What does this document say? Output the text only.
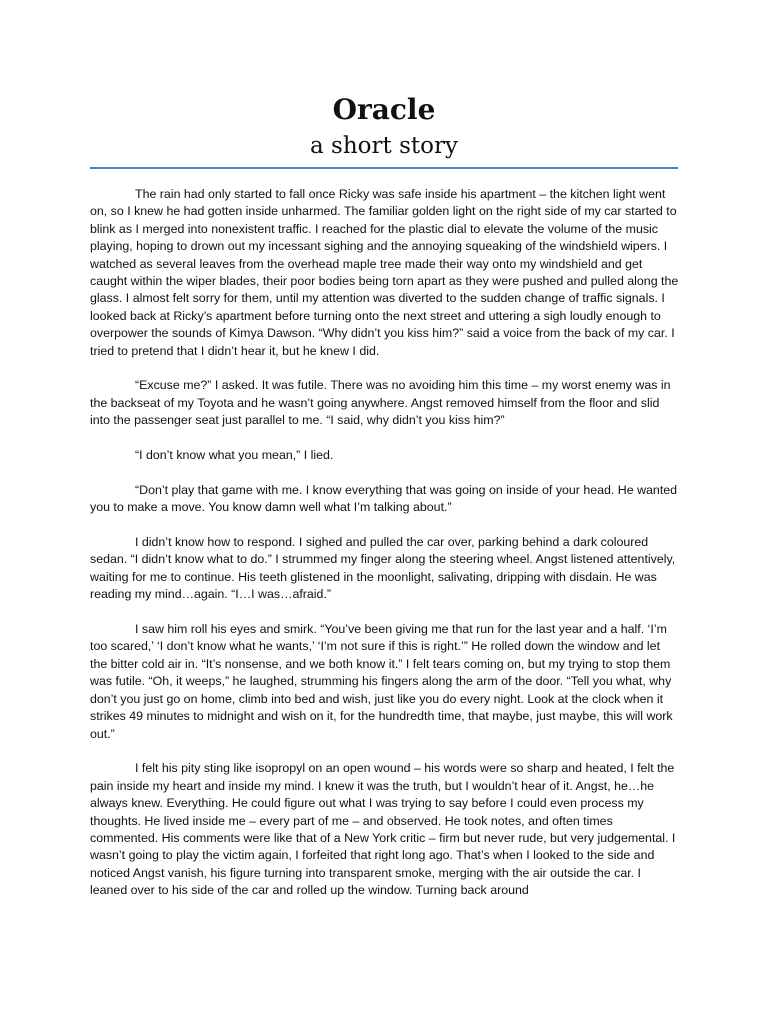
Oracle
a short story

The rain had only started to fall once Ricky was safe inside his apartment – the kitchen light went on, so I knew he had gotten inside unharmed. The familiar golden light on the right side of my car started to blink as I merged into nonexistent traffic. I reached for the plastic dial to elevate the volume of the music playing, hoping to drown out my incessant sighing and the annoying squeaking of the windshield wipers. I watched as several leaves from the overhead maple tree made their way onto my windshield and get caught within the wiper blades, their poor bodies being torn apart as they were pushed and pulled along the glass. I almost felt sorry for them, until my attention was diverted to the sudden change of traffic signals. I looked back at Ricky’s apartment before turning onto the next street and uttering a sigh loudly enough to overpower the sounds of Kimya Dawson. “Why didn’t you kiss him?” said a voice from the back of my car. I tried to pretend that I didn’t hear it, but he knew I did.

“Excuse me?” I asked. It was futile. There was no avoiding him this time – my worst enemy was in the backseat of my Toyota and he wasn’t going anywhere. Angst removed himself from the floor and slid into the passenger seat just parallel to me. “I said, why didn’t you kiss him?”

“I don’t know what you mean,” I lied.

“Don’t play that game with me. I know everything that was going on inside of your head. He wanted you to make a move. You know damn well what I’m talking about.”

I didn’t know how to respond. I sighed and pulled the car over, parking behind a dark coloured sedan. “I didn’t know what to do.” I strummed my finger along the steering wheel. Angst listened attentively, waiting for me to continue. His teeth glistened in the moonlight, salivating, dripping with disdain. He was reading my mind…again. “I…I was…afraid.”

I saw him roll his eyes and smirk. “You’ve been giving me that run for the last year and a half. ‘I’m too scared,’ ‘I don’t know what he wants,’ ‘I’m not sure if this is right.’” He rolled down the window and let the bitter cold air in. “It’s nonsense, and we both know it.” I felt tears coming on, but my trying to stop them was futile. “Oh, it weeps,” he laughed, strumming his fingers along the arm of the door. “Tell you what, why don’t you just go on home, climb into bed and wish, just like you do every night. Look at the clock when it strikes 49 minutes to midnight and wish on it, for the hundredth time, that maybe, just maybe, this will work out.”

I felt his pity sting like isopropyl on an open wound – his words were so sharp and heated, I felt the pain inside my heart and inside my mind. I knew it was the truth, but I wouldn’t hear of it. Angst, he…he always knew. Everything. He could figure out what I was trying to say before I could even process my thoughts. He lived inside me – every part of me – and observed. He took notes, and often times commented. His comments were like that of a New York critic – firm but never rude, but very judgemental. I wasn’t going to play the victim again, I forfeited that right long ago. That’s when I looked to the side and noticed Angst vanish, his figure turning into transparent smoke, merging with the air outside the car. I leaned over to his side of the car and rolled up the window. Turning back around
